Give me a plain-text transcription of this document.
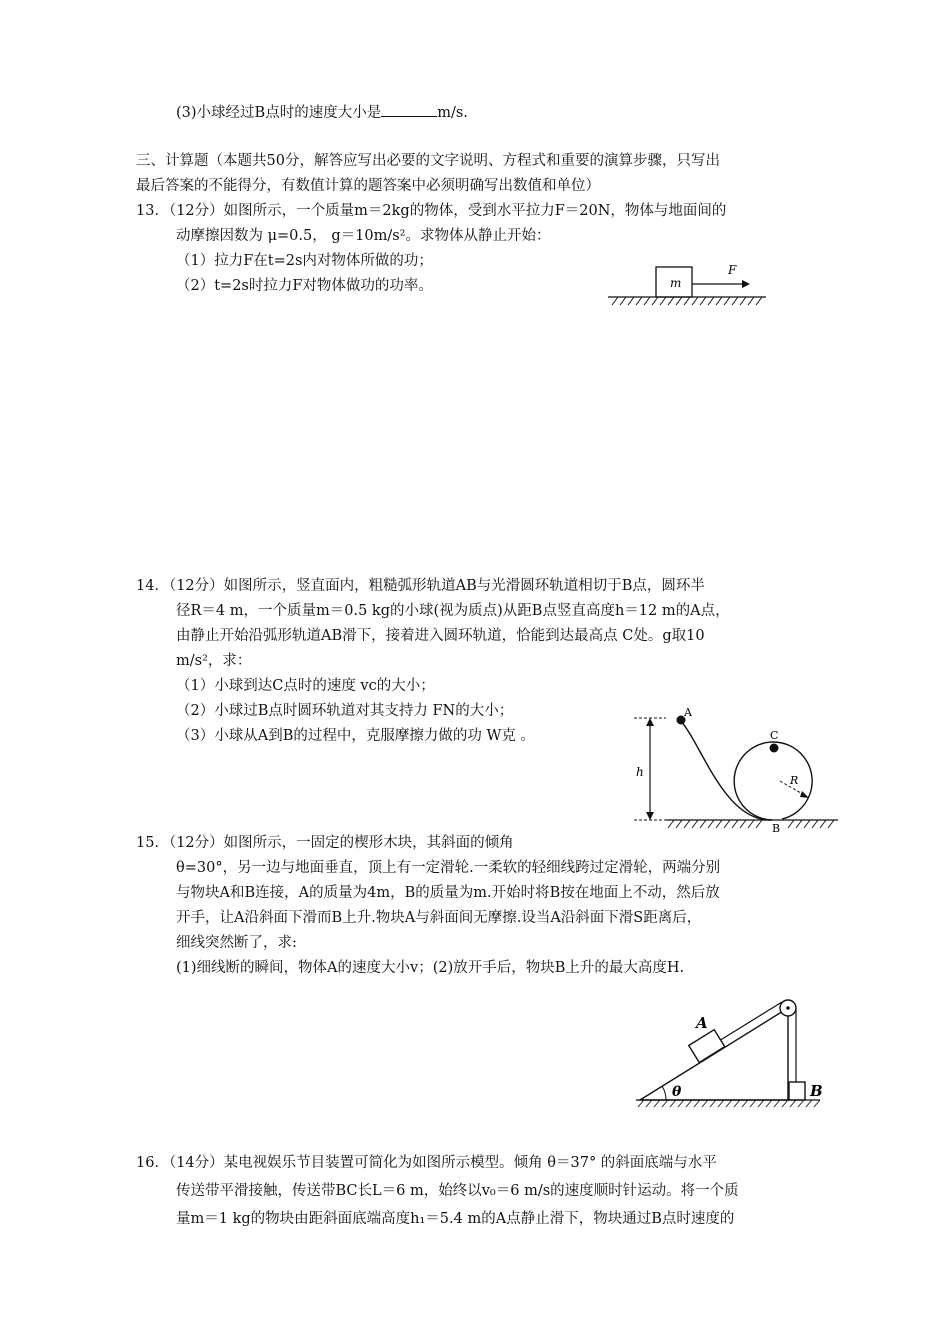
(3)小球经过B点时的速度大小是	m/s.
三、计算题（本题共50分，解答应写出必要的文字说明、方程式和重要的演算步骤，只写出
最后答案的不能得分，有数值计算的题答案中必须明确写出数值和单位）
13．（12分）如图所示，一个质量m＝2kg的物体，受到水平拉力F＝20N，物体与地面间的
动摩擦因数为 μ=0.5， g＝10m/s²。求物体从静止开始：
（1）拉力F在t=2s内对物体所做的功；
（2）t=2s时拉力F对物体做功的功率。	m
F
14．（12分）如图所示，竖直面内，粗糙弧形轨道AB与光滑圆环轨道相切于B点，圆环半
径R＝4 m，一个质量m＝0.5 kg的小球(视为质点)从距B点竖直高度h＝12 m的A点，
由静止开始沿弧形轨道AB滑下，接着进入圆环轨道，恰能到达最高点 C处。g取10
m/s²，求：
（1）小球到达C点时的速度 vc的大小；
（2）小球过B点时圆环轨道对其支持力 FN的大小；
（3）小球从A到B的过程中，克服摩擦力做的功 W克 。
h
A
C
R
B
15．（12分）如图所示，一固定的楔形木块，其斜面的倾角
θ=30°，另一边与地面垂直，顶上有一定滑轮.一柔软的轻细线跨过定滑轮，两端分别
与物块A和B连接，A的质量为4m，B的质量为m.开始时将B按在地面上不动，然后放
开手，让A沿斜面下滑而B上升.物块A与斜面间无摩擦.设当A沿斜面下滑S距离后，
细线突然断了，求:
(1)细线断的瞬间，物体A的速度大小v；(2)放开手后，物块B上升的最大高度H.
A
B
θ
16．（14分）某电视娱乐节目装置可简化为如图所示模型。倾角 θ＝37° 的斜面底端与水平
传送带平滑接触，传送带BC长L＝6 m，始终以v₀＝6 m/s的速度顺时针运动。将一个质
量m＝1 kg的物块由距斜面底端高度h₁＝5.4 m的A点静止滑下，物块通过B点时速度的
